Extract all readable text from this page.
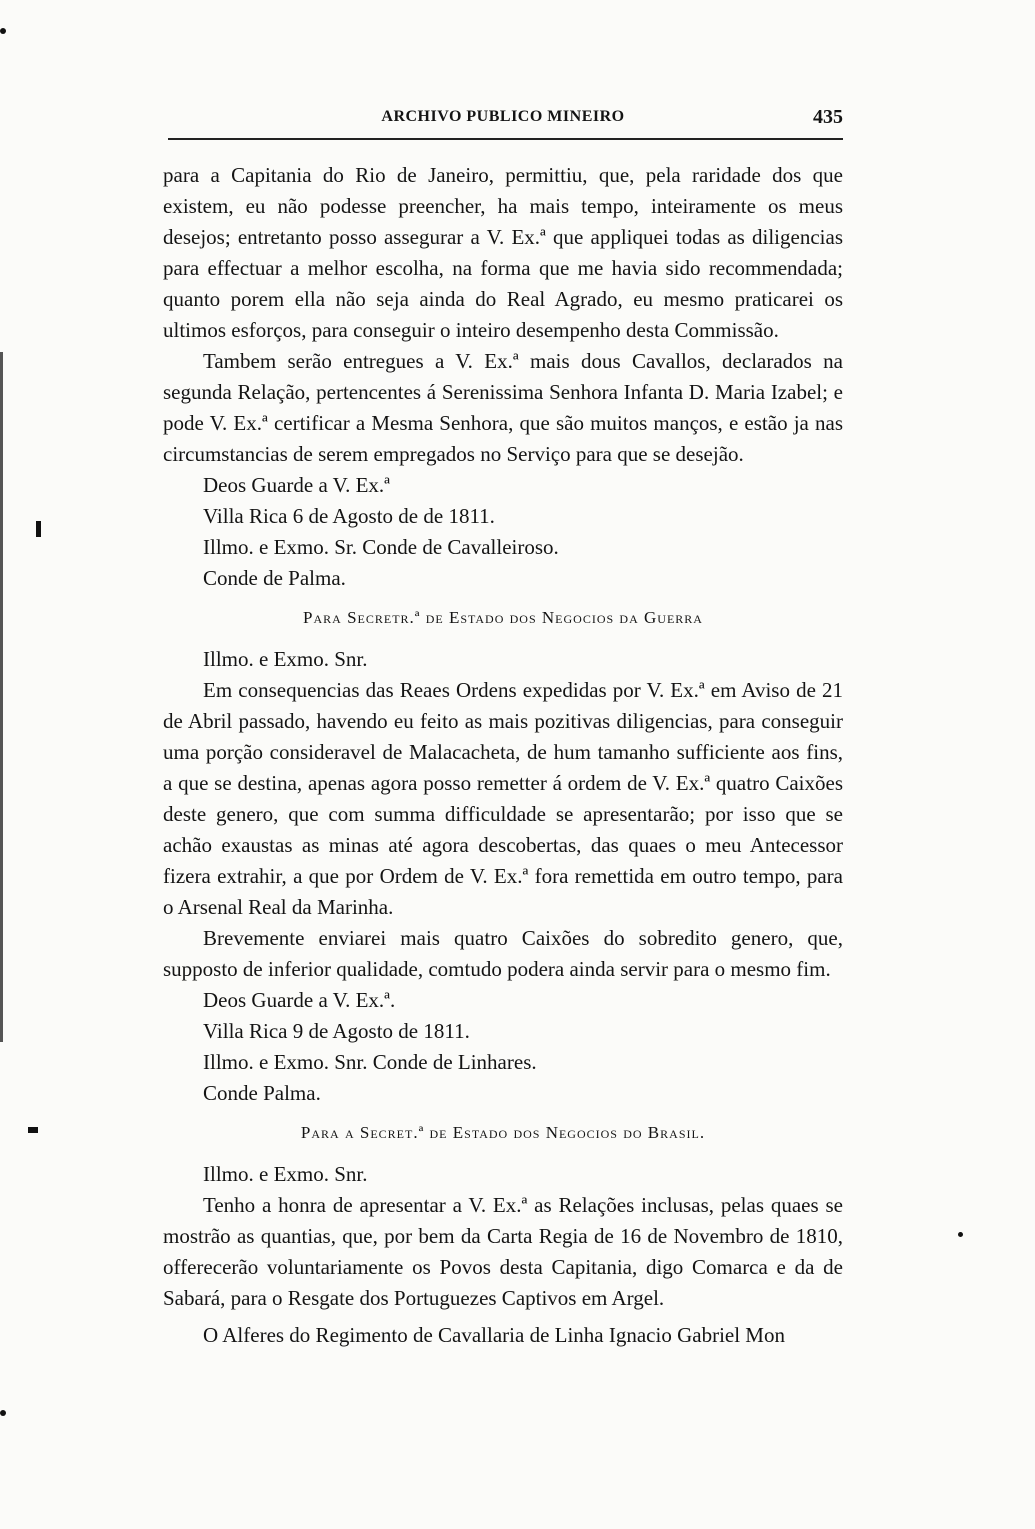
ARCHIVO PUBLICO MINEIRO	435

para a Capitania do Rio de Janeiro, permittiu, que, pela raridade dos que existem, eu não podesse preencher, ha mais tempo, inteiramente os meus desejos; entretanto posso assegurar a V. Ex.ª que appliquei todas as diligencias para effectuar a melhor escolha, na forma que me havia sido recommendada; quanto porem ella não seja ainda do Real Agrado, eu mesmo praticarei os ultimos esforços, para conseguir o inteiro desempenho desta Commissão.

Tambem serão entregues a V. Ex.ª mais dous Cavallos, declarados na segunda Relação, pertencentes á Serenissima Senhora Infanta D. Maria Izabel; e pode V. Ex.ª certificar a Mesma Senhora, que são muitos manços, e estão ja nas circumstancias de serem empregados no Serviço para que se desejão.

Deos Guarde a V. Ex.ª

Villa Rica 6 de Agosto de de 1811.

Illmo. e Exmo. Sr. Conde de Cavalleiroso.

Conde de Palma.

Para Secretr.ª de Estado dos Negocios da Guerra

Illmo. e Exmo. Snr.

Em consequencias das Reaes Ordens expedidas por V. Ex.ª em Aviso de 21 de Abril passado, havendo eu feito as mais pozitivas diligencias, para conseguir uma porção consideravel de Malacacheta, de hum tamanho sufficiente aos fins, a que se destina, apenas agora posso remetter á ordem de V. Ex.ª quatro Caixões deste genero, que com summa difficuldade se apresentarão; por isso que se achão exaustas as minas até agora descobertas, das quaes o meu Antecessor fizera extrahir, a que por Ordem de V. Ex.ª fora remettida em outro tempo, para o Arsenal Real da Marinha.

Brevemente enviarei mais quatro Caixões do sobredito genero, que, supposto de inferior qualidade, comtudo podera ainda servir para o mesmo fim.

Deos Guarde a V. Ex.ª.

Villa Rica 9 de Agosto de 1811.

Illmo. e Exmo. Snr. Conde de Linhares.

Conde Palma.

Para a Secret.ª de Estado dos Negocios do Brasil.

Illmo. e Exmo. Snr.

Tenho a honra de apresentar a V. Ex.ª as Relações inclusas, pelas quaes se mostrão as quantias, que, por bem da Carta Regia de 16 de Novembro de 1810, offerecerão voluntariamente os Povos desta Capitania, digo Comarca e da de Sabará, para o Resgate dos Portuguezes Captivos em Argel.

O Alferes do Regimento de Cavallaria de Linha Ignacio Gabriel Mon
